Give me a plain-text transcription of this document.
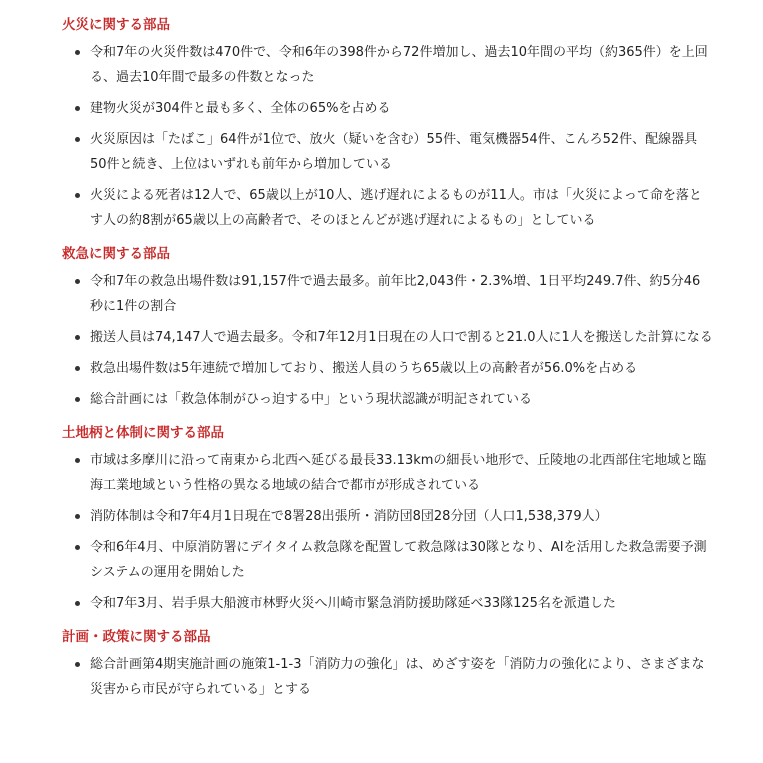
火災に関する部品
令和7年の火災件数は470件で、令和6年の398件から72件増加し、過去10年間の平均（約365件）を上回る、過去10年間で最多の件数となった
建物火災が304件と最も多く、全体の65%を占める
火災原因は「たばこ」64件が1位で、放火（疑いを含む）55件、電気機器54件、こんろ52件、配線器具50件と続き、上位はいずれも前年から増加している
火災による死者は12人で、65歳以上が10人、逃げ遅れによるものが11人。市は「火災によって命を落とす人の約8割が65歳以上の高齢者で、そのほとんどが逃げ遅れによるもの」としている
救急に関する部品
令和7年の救急出場件数は91,157件で過去最多。前年比2,043件・2.3%増、1日平均249.7件、約5分46秒に1件の割合
搬送人員は74,147人で過去最多。令和7年12月1日現在の人口で割ると21.0人に1人を搬送した計算になる
救急出場件数は5年連続で増加しており、搬送人員のうち65歳以上の高齢者が56.0%を占める
総合計画には「救急体制がひっ迫する中」という現状認識が明記されている
土地柄と体制に関する部品
市域は多摩川に沿って南東から北西へ延びる最長33.13kmの細長い地形で、丘陵地の北西部住宅地域と臨海工業地域という性格の異なる地域の結合で都市が形成されている
消防体制は令和7年4月1日現在で8署28出張所・消防団8団28分団（人口1,538,379人）
令和6年4月、中原消防署にデイタイム救急隊を配置して救急隊は30隊となり、AIを活用した救急需要予測システムの運用を開始した
令和7年3月、岩手県大船渡市林野火災へ川崎市緊急消防援助隊延べ33隊125名を派遣した
計画・政策に関する部品
総合計画第4期実施計画の施策1-1-3「消防力の強化」は、めざす姿を「消防力の強化により、さまざまな災害から市民が守られている」とする
